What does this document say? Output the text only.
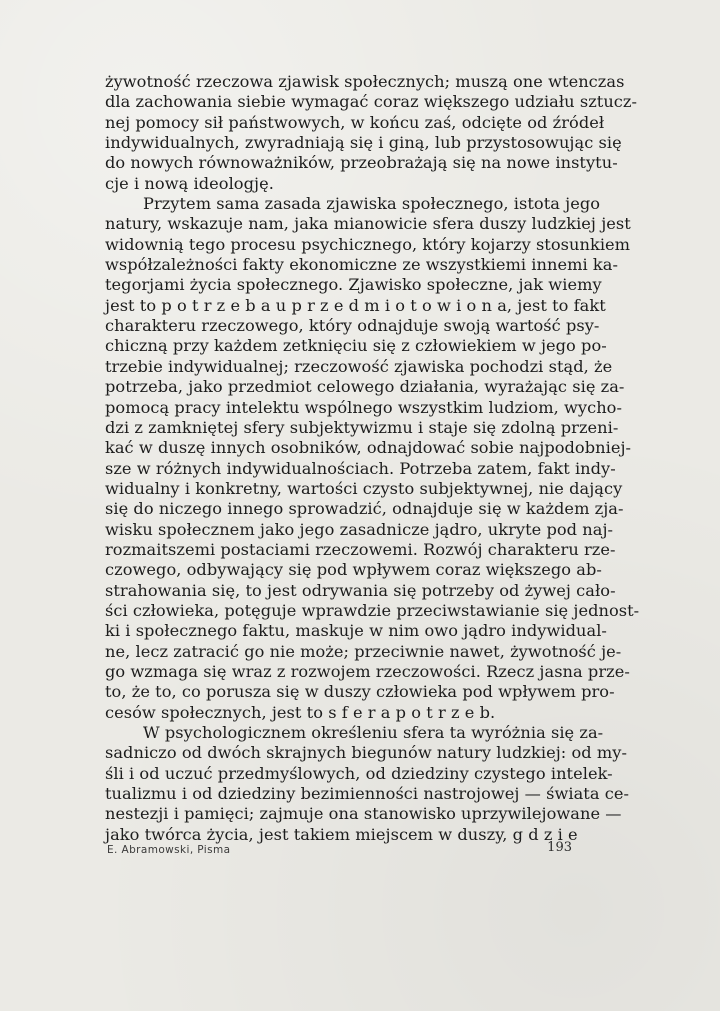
żywotność rzeczowa zjawisk społecznych; muszą one wtenczas
dla zachowania siebie wymagać coraz większego udziału sztucz-
nej pomocy sił państwowych, w końcu zaś, odcięte od źródeł
indywidualnych, zwyradniają się i giną, lub przystosowując się
do nowych równoważników, przeobrażają się na nowe instytu-
cje i nową ideologję.
Przytem sama zasada zjawiska społecznego, istota jego
natury, wskazuje nam, jaka mianowicie sfera duszy ludzkiej jest
widownią tego procesu psychicznego, który kojarzy stosunkiem
współzależności fakty ekonomiczne ze wszystkiemi innemi ka-
tegorjami życia społecznego. Zjawisko społeczne, jak wiemy
jest to p o t r z e b a u p r z e d m i o t o w i o n a, jest to fakt
charakteru rzeczowego, który odnajduje swoją wartość psy-
chiczną przy każdem zetknięciu się z człowiekiem w jego po-
trzebie indywidualnej; rzeczowość zjawiska pochodzi stąd, że
potrzeba, jako przedmiot celowego działania, wyrażając się za-
pomocą pracy intelektu wspólnego wszystkim ludziom, wycho-
dzi z zamkniętej sfery subjektywizmu i staje się zdolną przeni-
kać w duszę innych osobników, odnajdować sobie najpodobniej-
sze w różnych indywidualnościach. Potrzeba zatem, fakt indy-
widualny i konkretny, wartości czysto subjektywnej, nie dający
się do niczego innego sprowadzić, odnajduje się w każdem zja-
wisku społecznem jako jego zasadnicze jądro, ukryte pod naj-
rozmaitszemi postaciami rzeczowemi. Rozwój charakteru rze-
czowego, odbywający się pod wpływem coraz większego ab-
strahowania się, to jest odrywania się potrzeby od żywej cało-
ści człowieka, potęguje wprawdzie przeciwstawianie się jednost-
ki i społecznego faktu, maskuje w nim owo jądro indywidual-
ne, lecz zatracić go nie może; przeciwnie nawet, żywotność je-
go wzmaga się wraz z rozwojem rzeczowości. Rzecz jasna prze-
to, że to, co porusza się w duszy człowieka pod wpływem pro-
cesów społecznych, jest to s f e r a p o t r z e b.
W psychologicznem określeniu sfera ta wyróżnia się za-
sadniczo od dwóch skrajnych biegunów natury ludzkiej: od my-
śli i od uczuć przedmyślowych, od dziedziny czystego intelek-
tualizmu i od dziedziny bezimienności nastrojowej — świata ce-
nestezji i pamięci; zajmuje ona stanowisko uprzywilejowane —
jako twórca życia, jest takiem miejscem w duszy, g d z i e
E. Abramowski, Pisma	193
